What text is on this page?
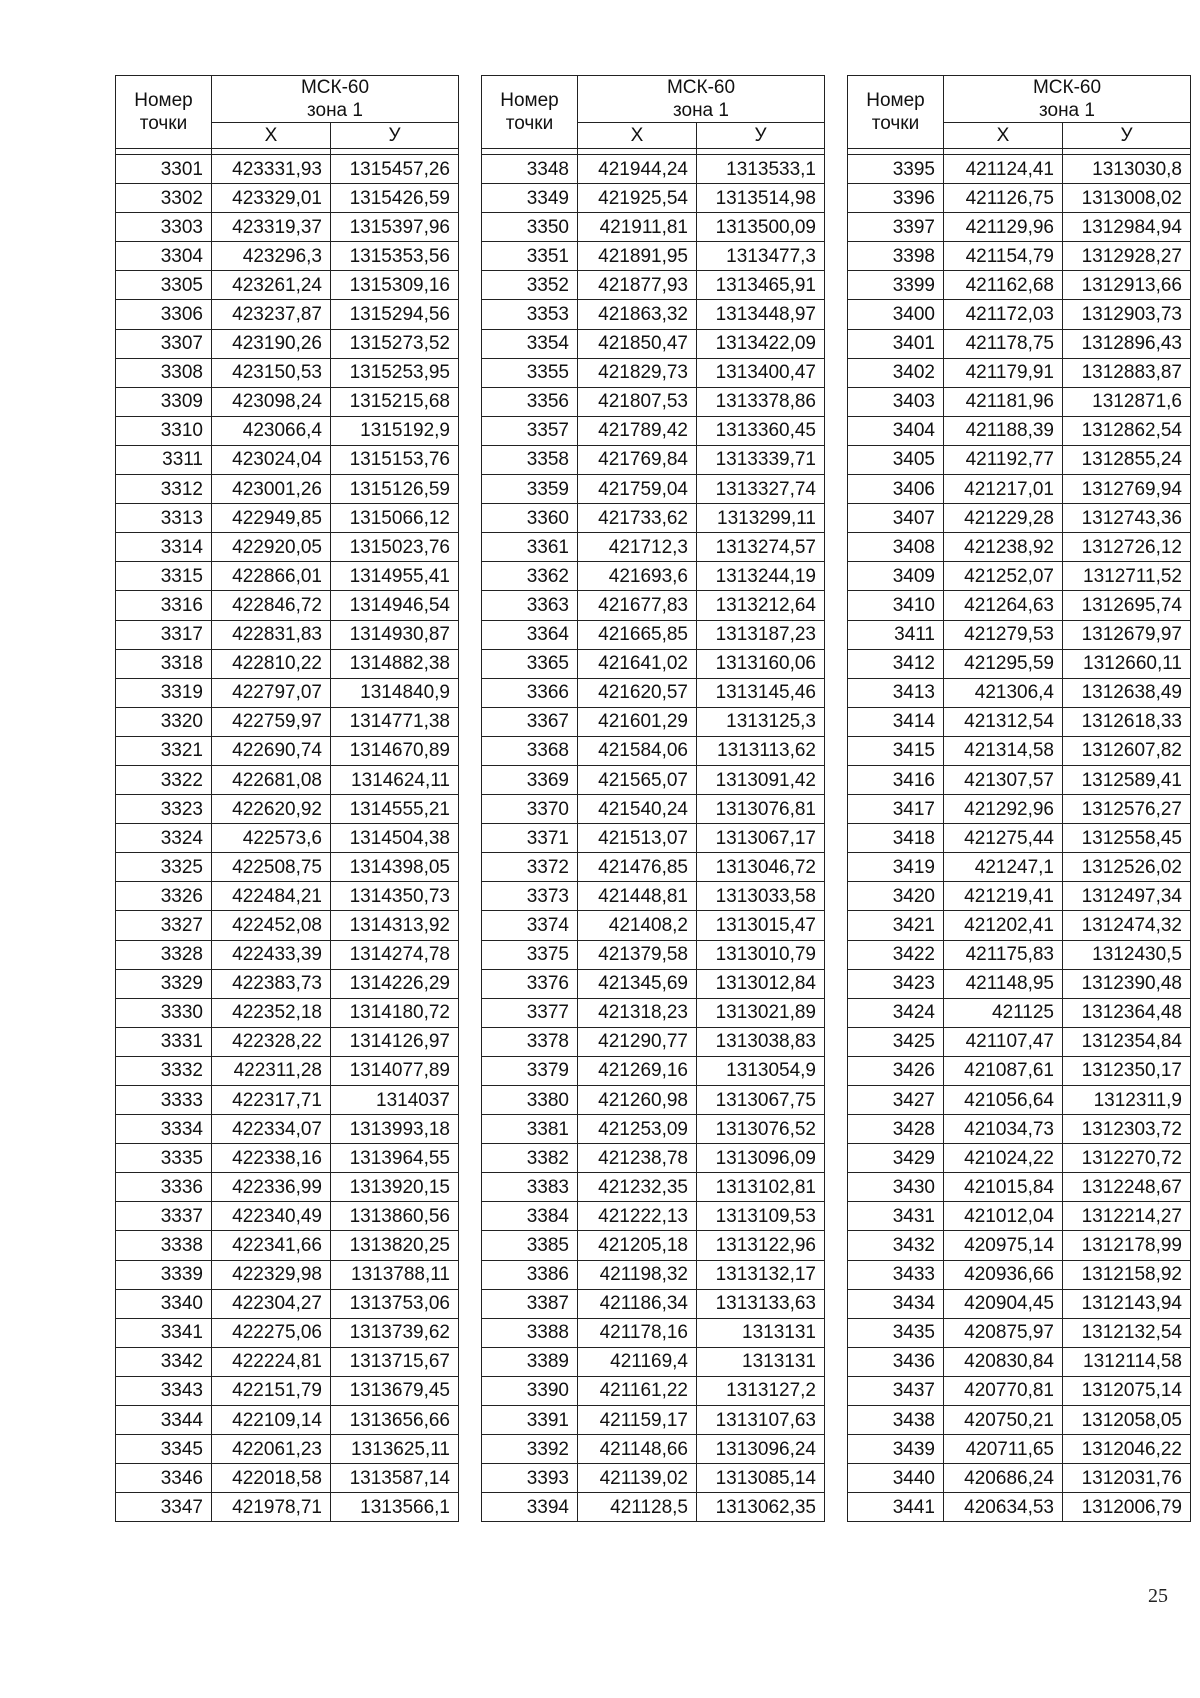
Номер
точки	МСК-60
зона 1	

	Х	У

3301	423331,93	1315457,26
3302	423329,01	1315426,59
3303	423319,37	1315397,96
3304	423296,3	1315353,56
3305	423261,24	1315309,16
3306	423237,87	1315294,56
3307	423190,26	1315273,52
3308	423150,53	1315253,95
3309	423098,24	1315215,68
3310	423066,4	1315192,9
3311	423024,04	1315153,76
3312	423001,26	1315126,59
3313	422949,85	1315066,12
3314	422920,05	1315023,76
3315	422866,01	1314955,41
3316	422846,72	1314946,54
3317	422831,83	1314930,87
3318	422810,22	1314882,38
3319	422797,07	1314840,9
3320	422759,97	1314771,38
3321	422690,74	1314670,89
3322	422681,08	1314624,11
3323	422620,92	1314555,21
3324	422573,6	1314504,38
3325	422508,75	1314398,05
3326	422484,21	1314350,73
3327	422452,08	1314313,92
3328	422433,39	1314274,78
3329	422383,73	1314226,29
3330	422352,18	1314180,72
3331	422328,22	1314126,97
3332	422311,28	1314077,89
3333	422317,71	1314037
3334	422334,07	1313993,18
3335	422338,16	1313964,55
3336	422336,99	1313920,15
3337	422340,49	1313860,56
3338	422341,66	1313820,25
3339	422329,98	1313788,11
3340	422304,27	1313753,06
3341	422275,06	1313739,62
3342	422224,81	1313715,67
3343	422151,79	1313679,45
3344	422109,14	1313656,66
3345	422061,23	1313625,11
3346	422018,58	1313587,14
3347	421978,71	1313566,1
Номер
точки	МСК-60
зона 1	

	Х	У

3348	421944,24	1313533,1
3349	421925,54	1313514,98
3350	421911,81	1313500,09
3351	421891,95	1313477,3
3352	421877,93	1313465,91
3353	421863,32	1313448,97
3354	421850,47	1313422,09
3355	421829,73	1313400,47
3356	421807,53	1313378,86
3357	421789,42	1313360,45
3358	421769,84	1313339,71
3359	421759,04	1313327,74
3360	421733,62	1313299,11
3361	421712,3	1313274,57
3362	421693,6	1313244,19
3363	421677,83	1313212,64
3364	421665,85	1313187,23
3365	421641,02	1313160,06
3366	421620,57	1313145,46
3367	421601,29	1313125,3
3368	421584,06	1313113,62
3369	421565,07	1313091,42
3370	421540,24	1313076,81
3371	421513,07	1313067,17
3372	421476,85	1313046,72
3373	421448,81	1313033,58
3374	421408,2	1313015,47
3375	421379,58	1313010,79
3376	421345,69	1313012,84
3377	421318,23	1313021,89
3378	421290,77	1313038,83
3379	421269,16	1313054,9
3380	421260,98	1313067,75
3381	421253,09	1313076,52
3382	421238,78	1313096,09
3383	421232,35	1313102,81
3384	421222,13	1313109,53
3385	421205,18	1313122,96
3386	421198,32	1313132,17
3387	421186,34	1313133,63
3388	421178,16	1313131
3389	421169,4	1313131
3390	421161,22	1313127,2
3391	421159,17	1313107,63
3392	421148,66	1313096,24
3393	421139,02	1313085,14
3394	421128,5	1313062,35
Номер
точки	МСК-60
зона 1	

	Х	У

3395	421124,41	1313030,8
3396	421126,75	1313008,02
3397	421129,96	1312984,94
3398	421154,79	1312928,27
3399	421162,68	1312913,66
3400	421172,03	1312903,73
3401	421178,75	1312896,43
3402	421179,91	1312883,87
3403	421181,96	1312871,6
3404	421188,39	1312862,54
3405	421192,77	1312855,24
3406	421217,01	1312769,94
3407	421229,28	1312743,36
3408	421238,92	1312726,12
3409	421252,07	1312711,52
3410	421264,63	1312695,74
3411	421279,53	1312679,97
3412	421295,59	1312660,11
3413	421306,4	1312638,49
3414	421312,54	1312618,33
3415	421314,58	1312607,82
3416	421307,57	1312589,41
3417	421292,96	1312576,27
3418	421275,44	1312558,45
3419	421247,1	1312526,02
3420	421219,41	1312497,34
3421	421202,41	1312474,32
3422	421175,83	1312430,5
3423	421148,95	1312390,48
3424	421125	1312364,48
3425	421107,47	1312354,84
3426	421087,61	1312350,17
3427	421056,64	1312311,9
3428	421034,73	1312303,72
3429	421024,22	1312270,72
3430	421015,84	1312248,67
3431	421012,04	1312214,27
3432	420975,14	1312178,99
3433	420936,66	1312158,92
3434	420904,45	1312143,94
3435	420875,97	1312132,54
3436	420830,84	1312114,58
3437	420770,81	1312075,14
3438	420750,21	1312058,05
3439	420711,65	1312046,22
3440	420686,24	1312031,76
3441	420634,53	1312006,79
25
